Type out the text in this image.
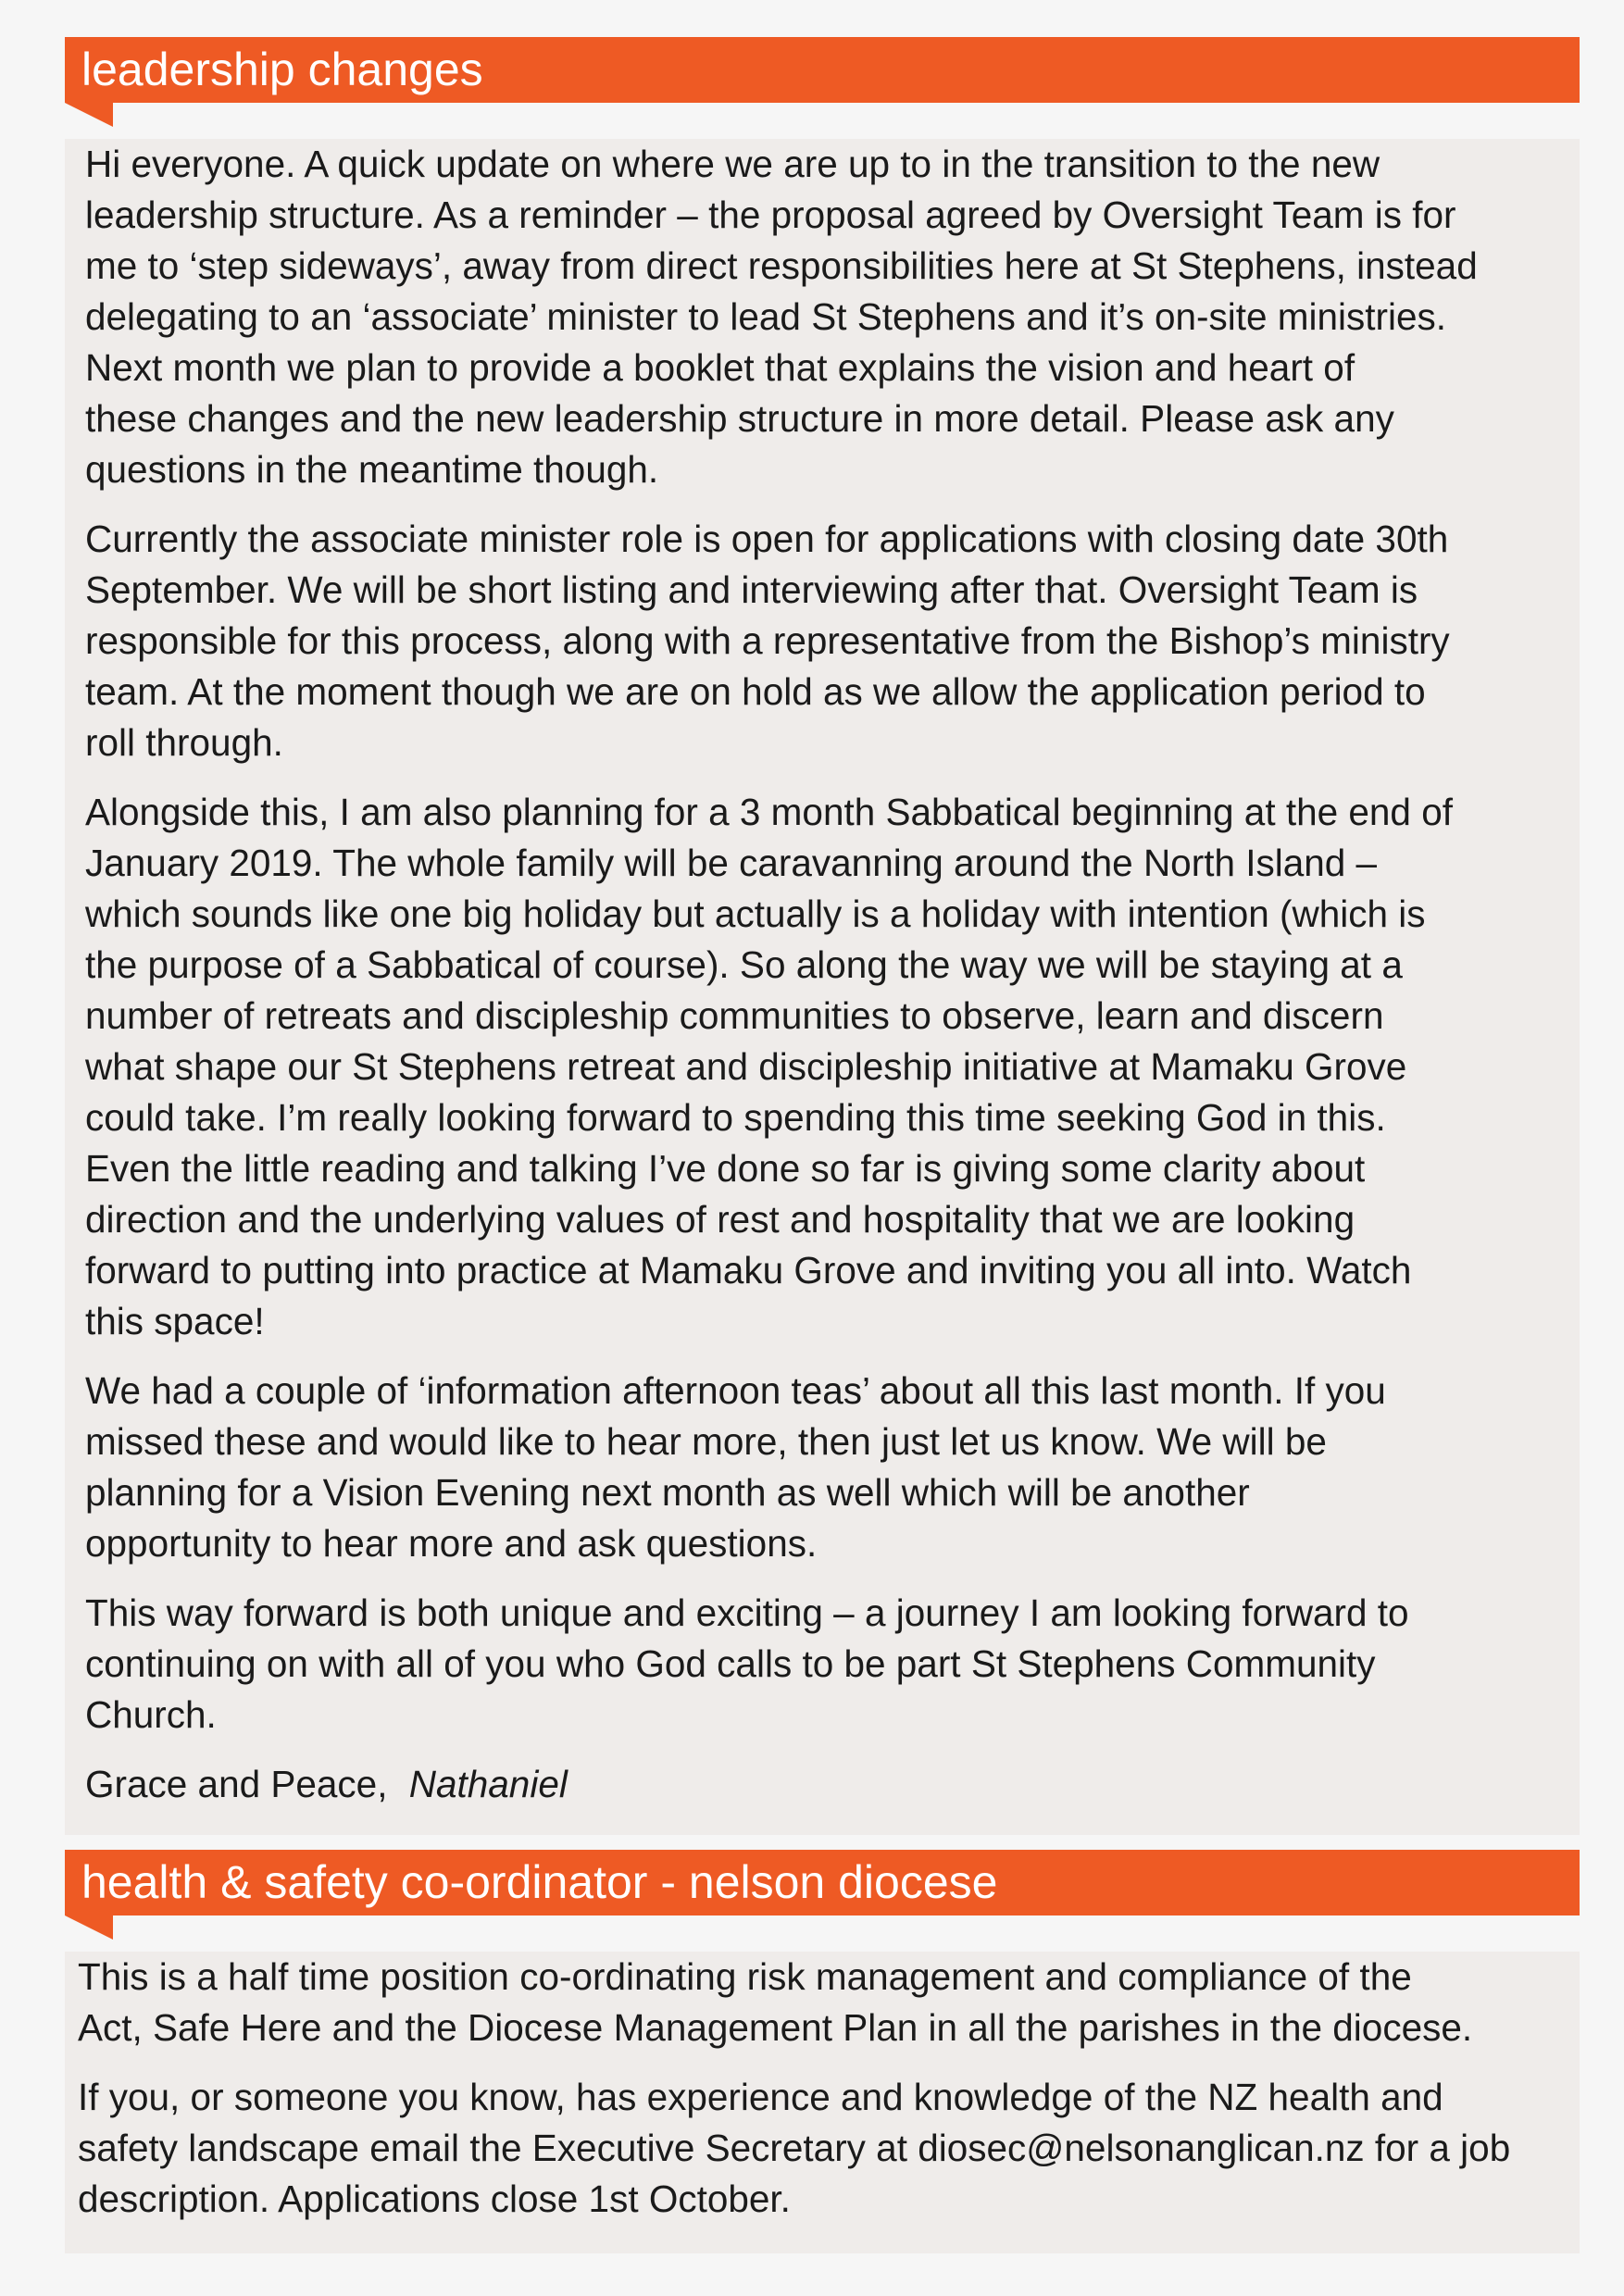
leadership changes

Hi everyone. A quick update on where we are up to in the transition to the new
leadership structure. As a reminder – the proposal agreed by Oversight Team is for
me to ‘step sideways’, away from direct responsibilities here at St Stephens, instead
delegating to an ‘associate’ minister to lead St Stephens and it’s on-site ministries.
Next month we plan to provide a booklet that explains the vision and heart of
these changes and the new leadership structure in more detail. Please ask any
questions in the meantime though.

Currently the associate minister role is open for applications with closing date 30th
September. We will be short listing and interviewing after that. Oversight Team is
responsible for this process, along with a representative from the Bishop’s ministry
team. At the moment though we are on hold as we allow the application period to
roll through.

Alongside this, I am also planning for a 3 month Sabbatical beginning at the end of
January 2019. The whole family will be caravanning around the North Island –
which sounds like one big holiday but actually is a holiday with intention (which is
the purpose of a Sabbatical of course). So along the way we will be staying at a
number of retreats and discipleship communities to observe, learn and discern
what shape our St Stephens retreat and discipleship initiative at Mamaku Grove
could take. I’m really looking forward to spending this time seeking God in this.
Even the little reading and talking I’ve done so far is giving some clarity about
direction and the underlying values of rest and hospitality that we are looking
forward to putting into practice at Mamaku Grove and inviting you all into. Watch
this space!

We had a couple of ‘information afternoon teas’ about all this last month. If you
missed these and would like to hear more, then just let us know. We will be
planning for a Vision Evening next month as well which will be another
opportunity to hear more and ask questions.

This way forward is both unique and exciting – a journey I am looking forward to
continuing on with all of you who God calls to be part St Stephens Community
Church.

Grace and Peace, Nathaniel

health & safety co-ordinator - nelson diocese

This is a half time position co-ordinating risk management and compliance of the
Act, Safe Here and the Diocese Management Plan in all the parishes in the diocese.

If you, or someone you know, has experience and knowledge of the NZ health and
safety landscape email the Executive Secretary at diosec@nelsonanglican.nz for a job
description. Applications close 1st October.
